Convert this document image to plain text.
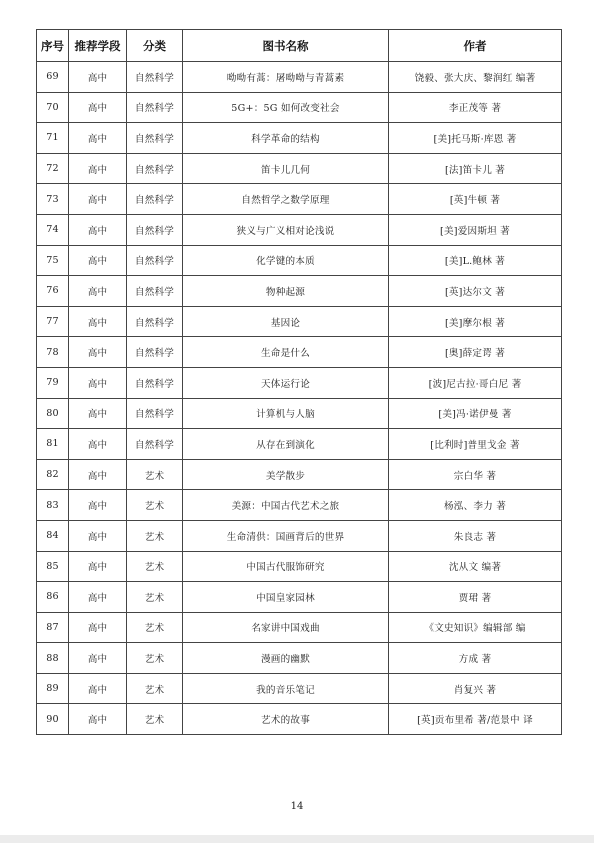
序号	推荐学段	分类	图书名称	作者
69	高中	自然科学	呦呦有蒿：屠呦呦与青蒿素	饶毅、张大庆、黎润红 编著
70	高中	自然科学	5G+：5G 如何改变社会	李正茂等 著
71	高中	自然科学	科学革命的结构	[美]托马斯·库恩 著
72	高中	自然科学	笛卡儿几何	[法]笛卡儿 著
73	高中	自然科学	自然哲学之数学原理	[英]牛顿 著
74	高中	自然科学	狭义与广义相对论浅说	[美]爱因斯坦 著
75	高中	自然科学	化学键的本质	[美]L.鲍林 著
76	高中	自然科学	物种起源	[英]达尔文 著
77	高中	自然科学	基因论	[美]摩尔根 著
78	高中	自然科学	生命是什么	[奥]薛定谔 著
79	高中	自然科学	天体运行论	[波]尼古拉·哥白尼 著
80	高中	自然科学	计算机与人脑	[美]冯·诺伊曼 著
81	高中	自然科学	从存在到演化	[比利时]普里戈金 著
82	高中	艺术	美学散步	宗白华 著
83	高中	艺术	美源：中国古代艺术之旅	杨泓、李力 著
84	高中	艺术	生命清供：国画背后的世界	朱良志 著
85	高中	艺术	中国古代服饰研究	沈从文 编著
86	高中	艺术	中国皇家园林	贾珺 著
87	高中	艺术	名家讲中国戏曲	《文史知识》编辑部 编
88	高中	艺术	漫画的幽默	方成 著
89	高中	艺术	我的音乐笔记	肖复兴 著
90	高中	艺术	艺术的故事	[英]贡布里希 著/范景中 译
14
